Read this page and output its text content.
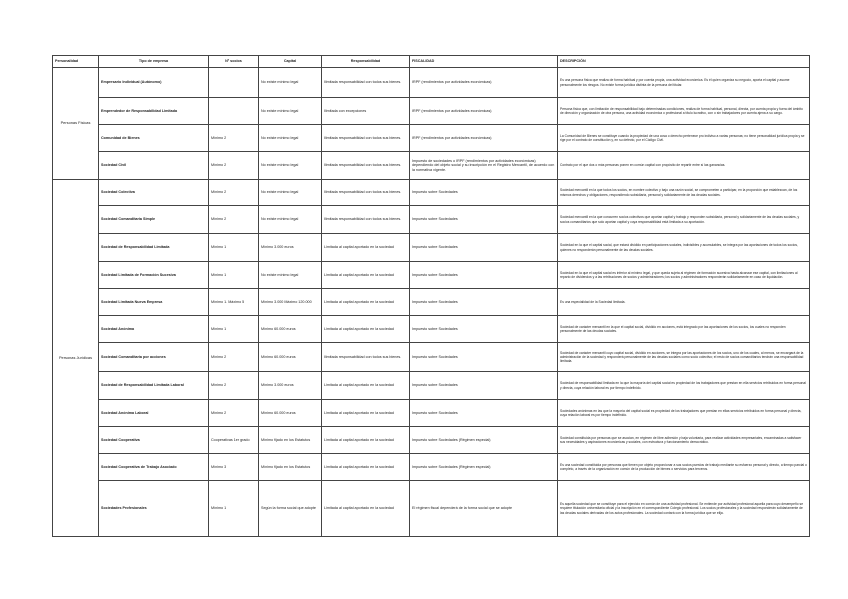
Personalidad	Tipo de empresa	Nº socios	Capital	Responsabilidad	FISCALIDAD	DESCRIPCIÓN
Personas Físicas	Empresario Individual (Autónomo)		No existe mínimo legal	Ilimitada responsabilidad con todos sus bienes.	IRPF (rendimientos por actividades económicas)	Es una persona física que realiza de forma habitual y por cuenta propia, una actividad económica. Es él quien organiza su negocio, aporta el capital y asume personalmente los riesgos. No existe forma jurídica distinta de la persona del titular.
	Emprendedor de Responsabilidad Limitada		No existe mínimo legal	Ilimitada con excepciones	IRPF (rendimientos por actividades económicas)	Persona física que, con limitación de responsabilidad bajo determinadas condiciones, realiza de forma habitual, personal, directa, por cuenta propia y fuera del ámbito de dirección y organización de otra persona, una actividad económica o profesional a título lucrativo, con o sin trabajadores por cuenta ajena a su cargo.
	Comunidad de Bienes	Mínimo 2	No existe mínimo legal	Ilimitada responsabilidad con todos sus bienes.	IRPF (rendimientos por actividades económicas)	La Comunidad de Bienes se constituye cuando la propiedad de una cosa o derecho pertenece pro indiviso a varias personas; no tiene personalidad jurídica propia y se rige por el contrato de constitución y, en su defecto, por el Código Civil.
	Sociedad Civil	Mínimo 2	No existe mínimo legal	Ilimitada responsabilidad con todos sus bienes.	Impuesto de sociedades o IRPF (rendimientos por actividades económicas) dependiendo del objeto social y su inscripción en el Registro Mercantil, de acuerdo con la normativa vigente.	Contrato por el que dos o más personas ponen en común capital con propósito de repartir entre sí las ganancias.
Personas Jurídicas	Sociedad Colectiva	Mínimo 2	No existe mínimo legal	Ilimitada responsabilidad con todos sus bienes.	Impuesto sobre Sociedades	Sociedad mercantil en la que todos los socios, en nombre colectivo y bajo una razón social, se comprometen a participar, en la proporción que establezcan, de los mismos derechos y obligaciones, respondiendo subsidiaria, personal y solidariamente de las deudas sociales.
	Sociedad Comanditaria Simple	Mínimo 2	No existe mínimo legal	Ilimitada responsabilidad con todos sus bienes.	Impuesto sobre Sociedades	Sociedad mercantil en la que concurren socios colectivos que aportan capital y trabajo y responden subsidiaria, personal y solidariamente de las deudas sociales, y socios comanditarios que solo aportan capital y cuya responsabilidad está limitada a su aportación.
	Sociedad de Responsabilidad Limitada	Mínimo 1	Mínimo 3.000 euros	Limitada al capital aportado en la sociedad	Impuesto sobre Sociedades	Sociedad en la que el capital social, que estará dividido en participaciones sociales, indivisibles y acumulables, se integra por las aportaciones de todos los socios, quienes no responderán personalmente de las deudas sociales.
	Sociedad Limitada de Formación Sucesiva	Mínimo 1	No existe mínimo legal	Limitada al capital aportado en la sociedad	Impuesto sobre Sociedades	Sociedad en la que el capital social es inferior al mínimo legal, y que queda sujeta al régimen de formación sucesiva hasta alcanzar ese capital, con limitaciones al reparto de dividendos y a las retribuciones de socios y administradores; los socios y administradores responderán solidariamente en caso de liquidación.
	Sociedad Limitada Nueva Empresa	Mínimo 1. Máximo 5	Mínimo 3.000 Máximo 120.000	Limitada al capital aportado en la sociedad	Impuesto sobre Sociedades	Es una especialidad de la Sociedad limitada.
	Sociedad Anónima	Mínimo 1	Mínimo 60.000 euros	Limitada al capital aportado en la sociedad	Impuesto sobre Sociedades	Sociedad de carácter mercantil en la que el capital social, dividido en acciones, está integrado por las aportaciones de los socios, los cuales no responden personalmente de las deudas sociales.
	Sociedad Comanditaria por acciones	Mínimo 2	Mínimo 60.000 euros	Ilimitada responsabilidad con todos sus bienes.	Impuesto sobre Sociedades	Sociedad de carácter mercantil cuyo capital social, dividido en acciones, se integra por las aportaciones de los socios, uno de los cuales, al menos, se encargará de la administración de la sociedad y responderá personalmente de las deudas sociales como socio colectivo; el resto de socios comanditarios tendrán una responsabilidad limitada.
	Sociedad de Responsabilidad Limitada Laboral	Mínimo 2	Mínimo 3.000 euros	Limitada al capital aportado en la sociedad	Impuesto sobre Sociedades	Sociedad de responsabilidad limitada en la que la mayoría del capital social es propiedad de los trabajadores que prestan en ella servicios retribuidos en forma personal y directa, cuya relación laboral es por tiempo indefinido.
	Sociedad Anónima Laboral	Mínimo 2	Mínimo 60.000 euros	Limitada al capital aportado en la sociedad	Impuesto sobre Sociedades	Sociedades anónimas en las que la mayoría del capital social es propiedad de los trabajadores que prestan en ellas servicios retribuidos en forma personal y directa, cuya relación laboral es por tiempo indefinido.
	Sociedad Cooperativa	Cooperativas 1er grado	Mínimo fijado en los Estatutos	Limitada al capital aportado en la sociedad	Impuesto sobre Sociedades (Régimen especial)	Sociedad constituida por personas que se asocian, en régimen de libre adhesión y baja voluntaria, para realizar actividades empresariales, encaminadas a satisfacer sus necesidades y aspiraciones económicas y sociales, con estructura y funcionamiento democrático.
	Sociedad Cooperativa de Trabajo Asociado	Mínimo 3	Mínimo fijado en los Estatutos	Limitada al capital aportado en la sociedad	Impuesto sobre Sociedades (Régimen especial)	Es una sociedad constituida por personas que tienen por objeto proporcionar a sus socios puestos de trabajo mediante su esfuerzo personal y directo, a tiempo parcial o completo, a través de la organización en común de la producción de bienes o servicios para terceros.
	Sociedades Profesionales	Mínimo 1	Según la forma social que adopte	Limitada al capital aportado en la sociedad	El régimen fiscal dependerá de la forma social que se adopte	Es aquella sociedad que se constituye para el ejercicio en común de una actividad profesional. Se entiende por actividad profesional aquella para cuyo desempeño se requiere titulación universitaria oficial y la inscripción en el correspondiente Colegio profesional. Los socios profesionales y la sociedad responderán solidariamente de las deudas sociales derivadas de los actos profesionales. La sociedad contará con la forma jurídica que se elija.
